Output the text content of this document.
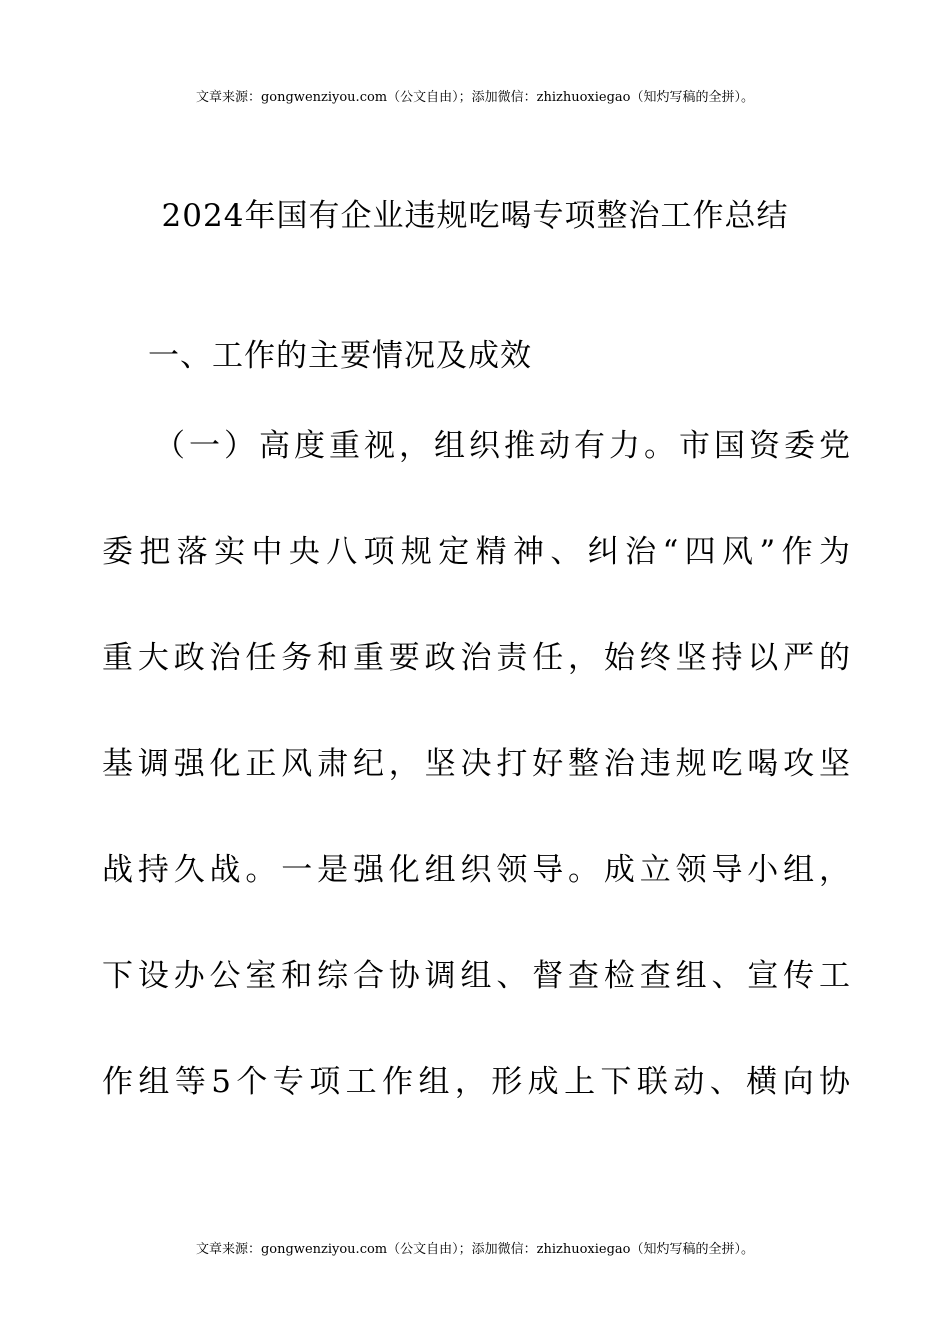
文章来源：gongwenziyou.com（公文自由）；添加微信：zhizhuoxiegao（知灼写稿的全拼）。
2024年国有企业违规吃喝专项整治工作总结
一、工作的主要情况及成效
（一）高度重视，组织推动有力。市国资委党
委把落实中央八项规定精神、纠治“四风”作为
重大政治任务和重要政治责任，始终坚持以严的
基调强化正风肃纪，坚决打好整治违规吃喝攻坚
战持久战。一是强化组织领导。成立领导小组，
下设办公室和综合协调组、督查检查组、宣传工
作组等5个专项工作组，形成上下联动、横向协
文章来源：gongwenziyou.com（公文自由）；添加微信：zhizhuoxiegao（知灼写稿的全拼）。
